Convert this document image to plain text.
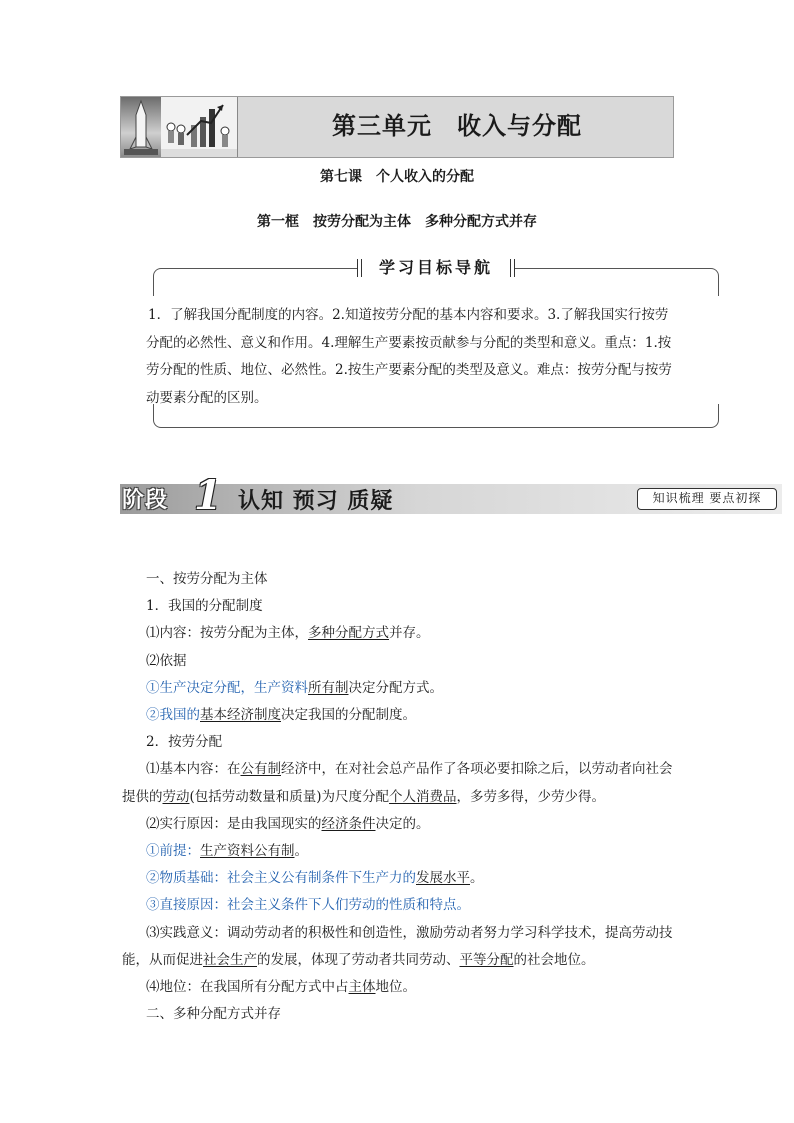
第三单元　收入与分配
第七课　个人收入的分配
第一框　按劳分配为主体　多种分配方式并存
学习目标导航
1．了解我国分配制度的内容。2.知道按劳分配的基本内容和要求。3.了解我国实行按劳分配的必然性、意义和作用。4.理解生产要素按贡献参与分配的类型和意义。重点：1.按劳分配的性质、地位、必然性。2.按生产要素分配的类型及意义。难点：按劳分配与按劳动要素分配的区别。
阶段 1 认知 预习 质疑	知识梳理 要点初探

一、按劳分配为主体

1．我国的分配制度

⑴内容：按劳分配为主体，多种分配方式并存。

⑵依据

①生产决定分配，生产资料所有制决定分配方式。

②我国的基本经济制度决定我国的分配制度。

2．按劳分配

⑴基本内容：在公有制经济中，在对社会总产品作了各项必要扣除之后，以劳动者向社会提供的劳动(包括劳动数量和质量)为尺度分配个人消费品，多劳多得，少劳少得。

⑵实行原因：是由我国现实的经济条件决定的。

①前提：生产资料公有制。

②物质基础：社会主义公有制条件下生产力的发展水平。

③直接原因：社会主义条件下人们劳动的性质和特点。

⑶实践意义：调动劳动者的积极性和创造性，激励劳动者努力学习科学技术，提高劳动技能，从而促进社会生产的发展，体现了劳动者共同劳动、平等分配的社会地位。

⑷地位：在我国所有分配方式中占主体地位。

二、多种分配方式并存
